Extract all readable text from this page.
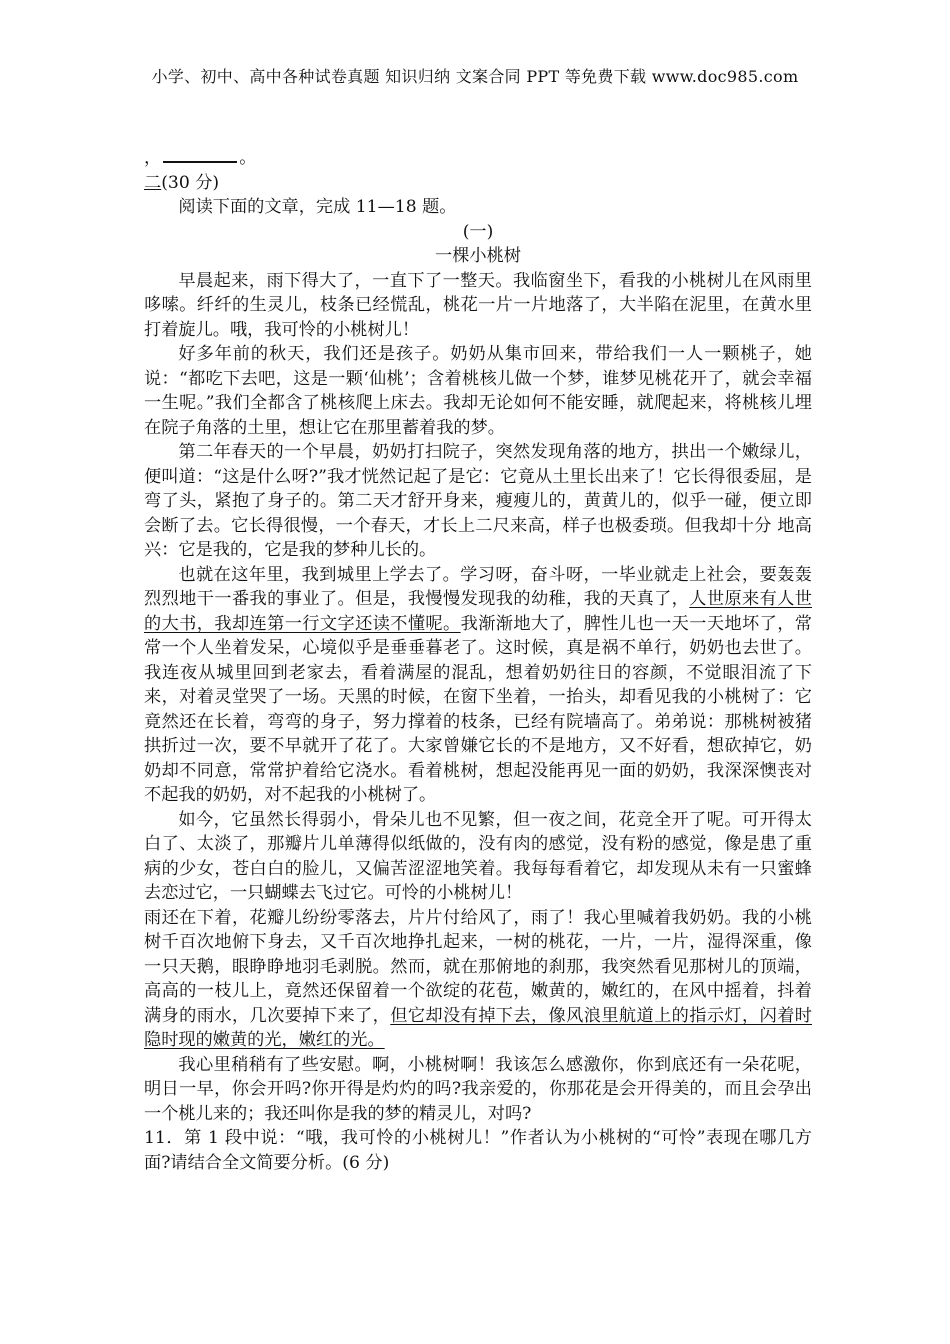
小学、初中、高中各种试卷真题 知识归纳 文案合同 PPT 等免费下载 www.doc985.com

，	。

二(30 分)

阅读下面的文章，完成 11—18 题。

(一)

一棵小桃树

早晨起来，雨下得大了，一直下了一整天。我临窗坐下，看我的小桃树儿在风雨里哆嗦。纤纤的生灵儿，枝条已经慌乱，桃花一片一片地落了，大半陷在泥里，在黄水里打着旋儿。哦，我可怜的小桃树儿！

好多年前的秋天，我们还是孩子。奶奶从集市回来，带给我们一人一颗桃子，她说：“都吃下去吧，这是一颗‘仙桃’；含着桃核儿做一个梦，谁梦见桃花开了，就会幸福一生呢。”我们全都含了桃核爬上床去。我却无论如何不能安睡，就爬起来，将桃核儿埋在院子角落的土里，想让它在那里蓄着我的梦。

第二年春天的一个早晨，奶奶打扫院子，突然发现角落的地方，拱出一个嫩绿儿，便叫道：“这是什么呀?”我才恍然记起了是它：它竟从土里长出来了！它长得很委屈，是弯了头，紧抱了身子的。第二天才舒开身来，瘦瘦儿的，黄黄儿的，似乎一碰，便立即会断了去。它长得很慢，一个春天，才长上二尺来高，样子也极委琐。但我却十分 地高兴：它是我的，它是我的梦种儿长的。

也就在这年里，我到城里上学去了。学习呀，奋斗呀，一毕业就走上社会，要轰轰烈烈地干一番我的事业了。但是，我慢慢发现我的幼稚，我的天真了，人世原来有人世的大书，我却连第一行文字还读不懂呢。我渐渐地大了，脾性儿也一天一天地坏了，常常一个人坐着发呆，心境似乎是垂垂暮老了。这时候，真是祸不单行，奶奶也去世了。我连夜从城里回到老家去，看着满屋的混乱，想着奶奶往日的容颜，不觉眼泪流了下来，对着灵堂哭了一场。天黑的时候，在窗下坐着，一抬头，却看见我的小桃树了：它竟然还在长着，弯弯的身子，努力撑着的枝条，已经有院墙高了。弟弟说：那桃树被猪拱折过一次，要不早就开了花了。大家曾嫌它长的不是地方，又不好看，想砍掉它，奶奶却不同意，常常护着给它浇水。看着桃树，想起没能再见一面的奶奶，我深深懊丧对不起我的奶奶，对不起我的小桃树了。

如今，它虽然长得弱小，骨朵儿也不见繁，但一夜之间，花竞全开了呢。可开得太白了、太淡了，那瓣片儿单薄得似纸做的，没有肉的感觉，没有粉的感觉，像是患了重病的少女，苍白白的脸儿，又偏苦涩涩地笑着。我每每看着它，却发现从未有一只蜜蜂去恋过它，一只蝴蝶去飞过它。可怜的小桃树儿！

雨还在下着，花瓣儿纷纷零落去，片片付给风了，雨了！我心里喊着我奶奶。我的小桃树千百次地俯下身去，又千百次地挣扎起来，一树的桃花，一片，一片，湿得深重，像一只天鹅，眼睁睁地羽毛剥脱。然而，就在那俯地的刹那，我突然看见那树儿的顶端，高高的一枝儿上，竟然还保留着一个欲绽的花苞，嫩黄的，嫩红的，在风中摇着，抖着满身的雨水，几次要掉下来了，但它却没有掉下去，像风浪里航道上的指示灯，闪着时隐时现的嫩黄的光，嫩红的光。

我心里稍稍有了些安慰。啊，小桃树啊！我该怎么感激你，你到底还有一朵花呢，明日一早，你会开吗?你开得是灼灼的吗?我亲爱的，你那花是会开得美的，而且会孕出一个桃儿来的；我还叫你是我的梦的精灵儿，对吗?

11．第 1 段中说：“哦，我可怜的小桃树儿！”作者认为小桃树的“可怜”表现在哪几方面?请结合全文简要分析。(6 分)
